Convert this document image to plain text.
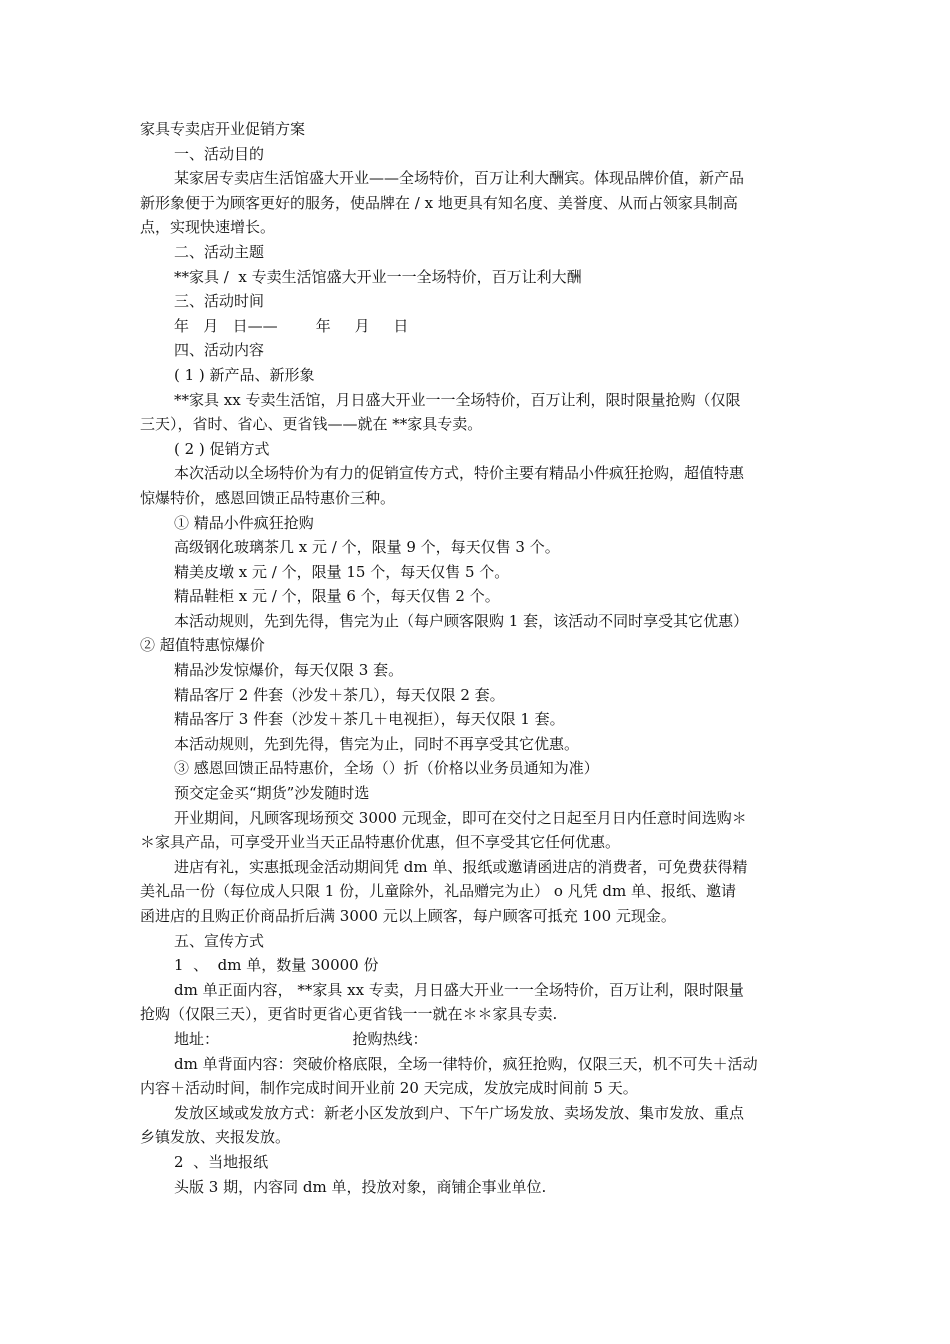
家具专卖店开业促销方案
一、活动目的
某家居专卖店生活馆盛大开业——全场特价，百万让利大酬宾。体现品牌价值，新产品
新形象便于为顾客更好的服务，使品牌在 / x 地更具有知名度、美誉度、从而占领家具制高
点，实现快速增长。
二、活动主题
**家具 /  x 专卖生活馆盛大开业一一全场特价，百万让利大酬
三、活动时间
年   月   日——        年     月     日
四、活动内容
( 1 ) 新产品、新形象
**家具 xx 专卖生活馆，月日盛大开业一一全场特价，百万让利，限时限量抢购（仅限
三天），省时、省心、更省钱——就在 **家具专卖。
( 2 ) 促销方式
本次活动以全场特价为有力的促销宣传方式，特价主要有精品小件疯狂抢购，超值特惠
惊爆特价，感恩回馈正品特惠价三种。
① 精品小件疯狂抢购
高级钢化玻璃茶几 x 元 / 个，限量 9 个，每天仅售 3 个。
精美皮墩 x 元 / 个，限量 15 个，每天仅售 5 个。
精品鞋柜 x 元 / 个，限量 6 个，每天仅售 2 个。
本活动规则，先到先得，售完为止（每户顾客限购 1 套，该活动不同时享受其它优惠）
② 超值特惠惊爆价
精品沙发惊爆价，每天仅限 3 套。
精品客厅 2 件套（沙发＋茶几），每天仅限 2 套。
精品客厅 3 件套（沙发＋茶几＋电视拒），每天仅限 1 套。
本活动规则，先到先得，售完为止，同时不再享受其它优惠。
③ 感恩回馈正品特惠价，全场（）折（价格以业务员通知为准）
预交定金买“期货”沙发随时选
开业期间，凡顾客现场预交 3000 元现金，即可在交付之日起至月日内任意时间选购＊
＊家具产品，可享受开业当天正品特惠价优惠，但不享受其它任何优惠。
进店有礼，实惠抵现金活动期间凭 dm 单、报纸或邀请函进店的消费者，可免费获得精
美礼品一份（每位成人只限 1 份，儿童除外，礼品赠完为止） o 凡凭 dm 单、报纸、邀请
函进店的且购正价商品折后满 3000 元以上顾客，每户顾客可抵充 100 元现金。
五、宣传方式
1  、  dm 单，数量 30000 份
dm 单正面内容， **家具 xx 专卖，月日盛大开业一一全场特价，百万让利，限时限量
抢购（仅限三天），更省时更省心更省钱一一就在＊＊家具专卖.
地址：                            抢购热线：
dm 单背面内容：突破价格底限，全场一律特价，疯狂抢购，仅限三天，机不可失＋活动
内容＋活动时间，制作完成时间开业前 20 天完成，发放完成时间前 5 天。
发放区域或发放方式：新老小区发放到户、下午广场发放、卖场发放、集市发放、重点
乡镇发放、夹报发放。
2  、当地报纸
头版 3 期，内容同 dm 单，投放对象，商铺企事业单位.
